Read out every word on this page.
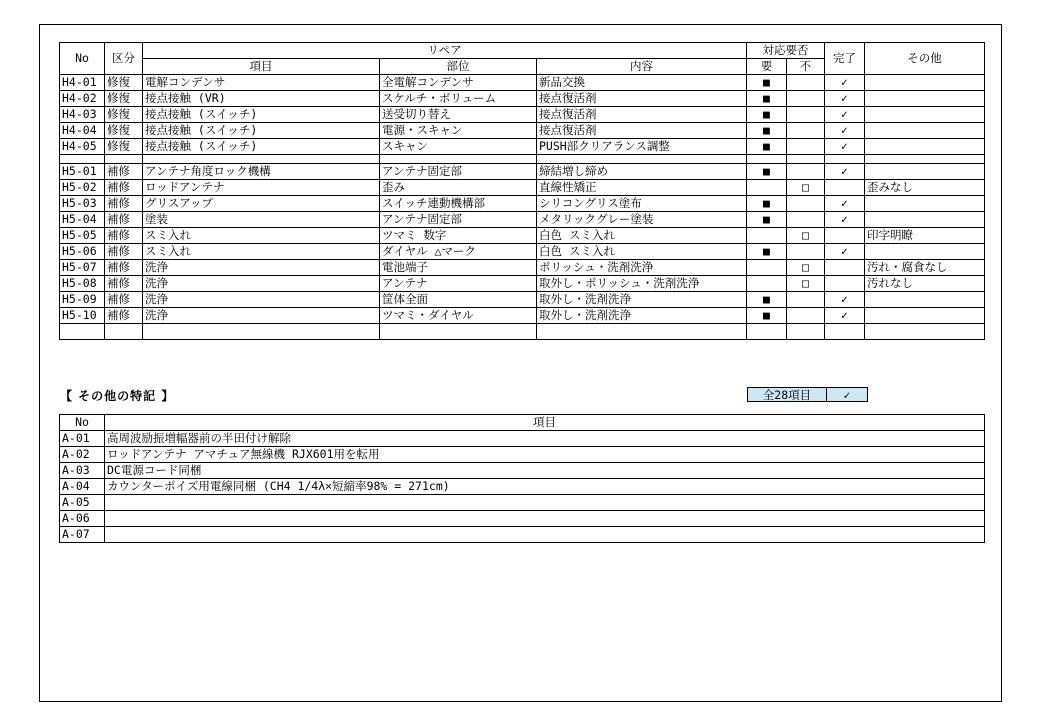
No	区分	リペア			対応要否		完了	その他
		項目	部位	内容	要	不		
H4-01	修復	電解コンデンサ	全電解コンデンサ	新品交換	■		✓	
H4-02	修復	接点接触 (VR)	スケルチ・ボリューム	接点復活剤	■		✓	
H4-03	修復	接点接触 (スイッチ)	送受切り替え	接点復活剤	■		✓	
H4-04	修復	接点接触 (スイッチ)	電源・スキャン	接点復活剤	■		✓	
H4-05	修復	接点接触 (スイッチ)	スキャン	PUSH部クリアランス調整	■		✓	

H5-01	補修	アンテナ角度ロック機構	アンテナ固定部	締結増し締め	■		✓	
H5-02	補修	ロッドアンテナ	歪み	直線性矯正		□		歪みなし
H5-03	補修	グリスアップ	スイッチ連動機構部	シリコングリス塗布	■		✓	
H5-04	補修	塗装	アンテナ固定部	メタリックグレー塗装	■		✓	
H5-05	補修	スミ入れ	ツマミ 数字	白色 スミ入れ		□		印字明瞭
H5-06	補修	スミ入れ	ダイヤル △マーク	白色 スミ入れ	■		✓	
H5-07	補修	洗浄	電池端子	ポリッシュ・洗剤洗浄		□		汚れ・腐食なし
H5-08	補修	洗浄	アンテナ	取外し・ポリッシュ・洗剤洗浄		□		汚れなし
H5-09	補修	洗浄	筐体全面	取外し・洗剤洗浄	■		✓	
H5-10	補修	洗浄	ツマミ・ダイヤル	取外し・洗剤洗浄	■		✓	

【 その他の特記 】	全28項目	✓
No	項目
A-01	高周波励振増幅器前の半田付け解除
A-02	ロッドアンテナ アマチュア無線機 RJX601用を転用
A-03	DC電源コード同梱
A-04	カウンターポイズ用電線同梱 (CH4 1/4λ×短縮率98% = 271cm)
A-05	
A-06	
A-07	
